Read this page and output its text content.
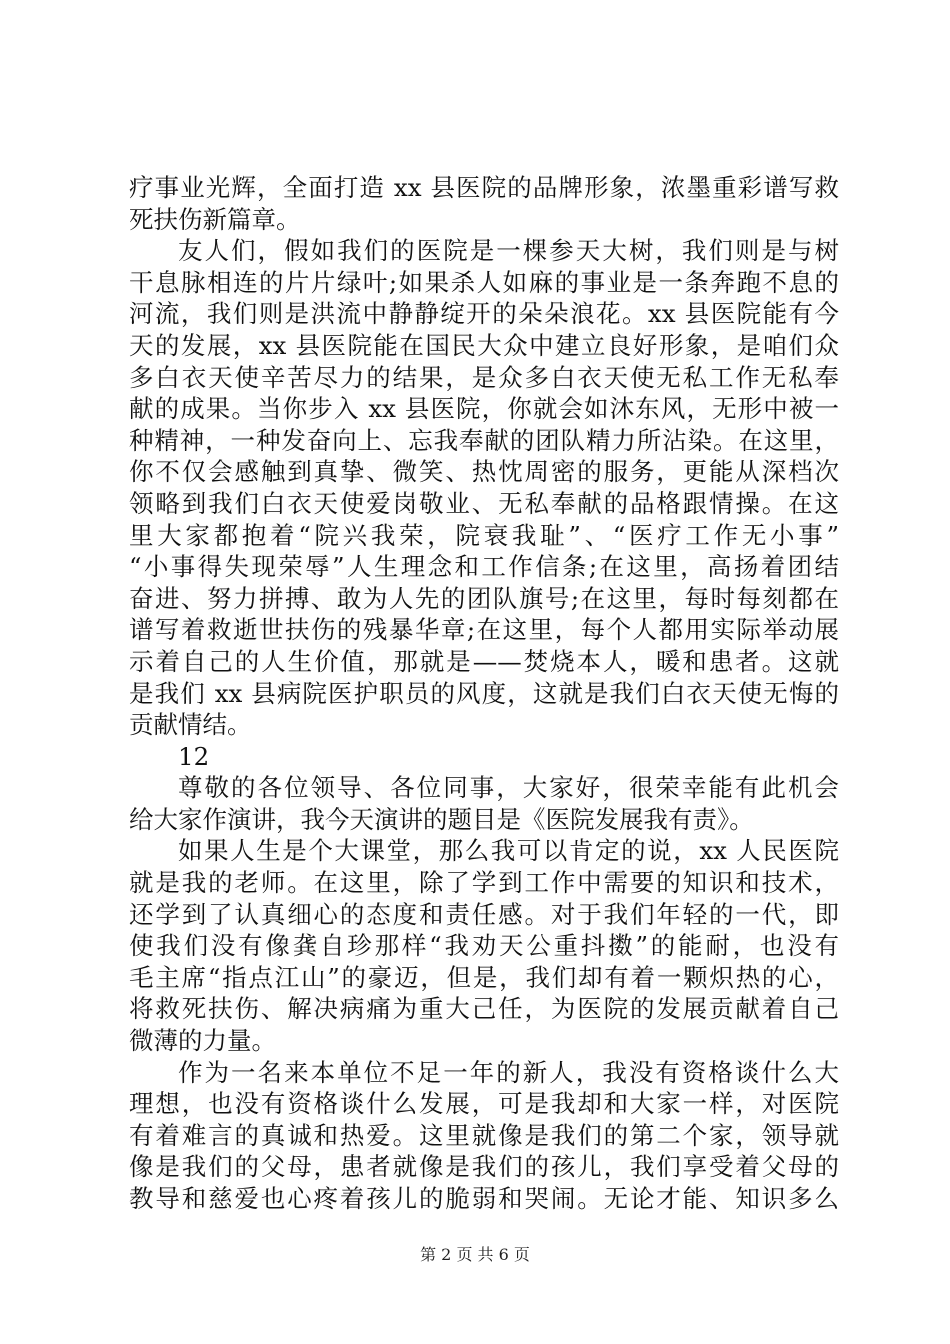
疗事业光辉，全面打造 xx 县医院的品牌形象，浓墨重彩谱写救
死扶伤新篇章。
友人们，假如我们的医院是一棵参天大树，我们则是与树
干息脉相连的片片绿叶;如果杀人如麻的事业是一条奔跑不息的
河流，我们则是洪流中静静绽开的朵朵浪花。xx 县医院能有今
天的发展，xx 县医院能在国民大众中建立良好形象，是咱们众
多白衣天使辛苦尽力的结果，是众多白衣天使无私工作无私奉
献的成果。当你步入 xx 县医院，你就会如沐东风，无形中被一
种精神，一种发奋向上、忘我奉献的团队精力所沾染。在这里，
你不仅会感触到真挚、微笑、热忱周密的服务，更能从深档次
领略到我们白衣天使爱岗敬业、无私奉献的品格跟情操。在这
里大家都抱着“院兴我荣，院衰我耻”、“医疗工作无小事”
“小事得失现荣辱”人生理念和工作信条;在这里，高扬着团结
奋进、努力拼搏、敢为人先的团队旗号;在这里，每时每刻都在
谱写着救逝世扶伤的残暴华章;在这里，每个人都用实际举动展
示着自己的人生价值，那就是——焚烧本人，暖和患者。这就
是我们 xx 县病院医护职员的风度，这就是我们白衣天使无悔的
贡献情结。
12
尊敬的各位领导、各位同事，大家好，很荣幸能有此机会
给大家作演讲，我今天演讲的题目是《医院发展我有责》。
如果人生是个大课堂，那么我可以肯定的说，xx 人民医院
就是我的老师。在这里，除了学到工作中需要的知识和技术，
还学到了认真细心的态度和责任感。对于我们年轻的一代，即
使我们没有像龚自珍那样“我劝天公重抖擞”的能耐，也没有
毛主席“指点江山”的豪迈，但是，我们却有着一颗炽热的心，
将救死扶伤、解决病痛为重大己任，为医院的发展贡献着自己
微薄的力量。
作为一名来本单位不足一年的新人，我没有资格谈什么大
理想，也没有资格谈什么发展，可是我却和大家一样，对医院
有着难言的真诚和热爱。这里就像是我们的第二个家，领导就
像是我们的父母，患者就像是我们的孩儿，我们享受着父母的
教导和慈爱也心疼着孩儿的脆弱和哭闹。无论才能、知识多么
第 2 页 共 6 页
